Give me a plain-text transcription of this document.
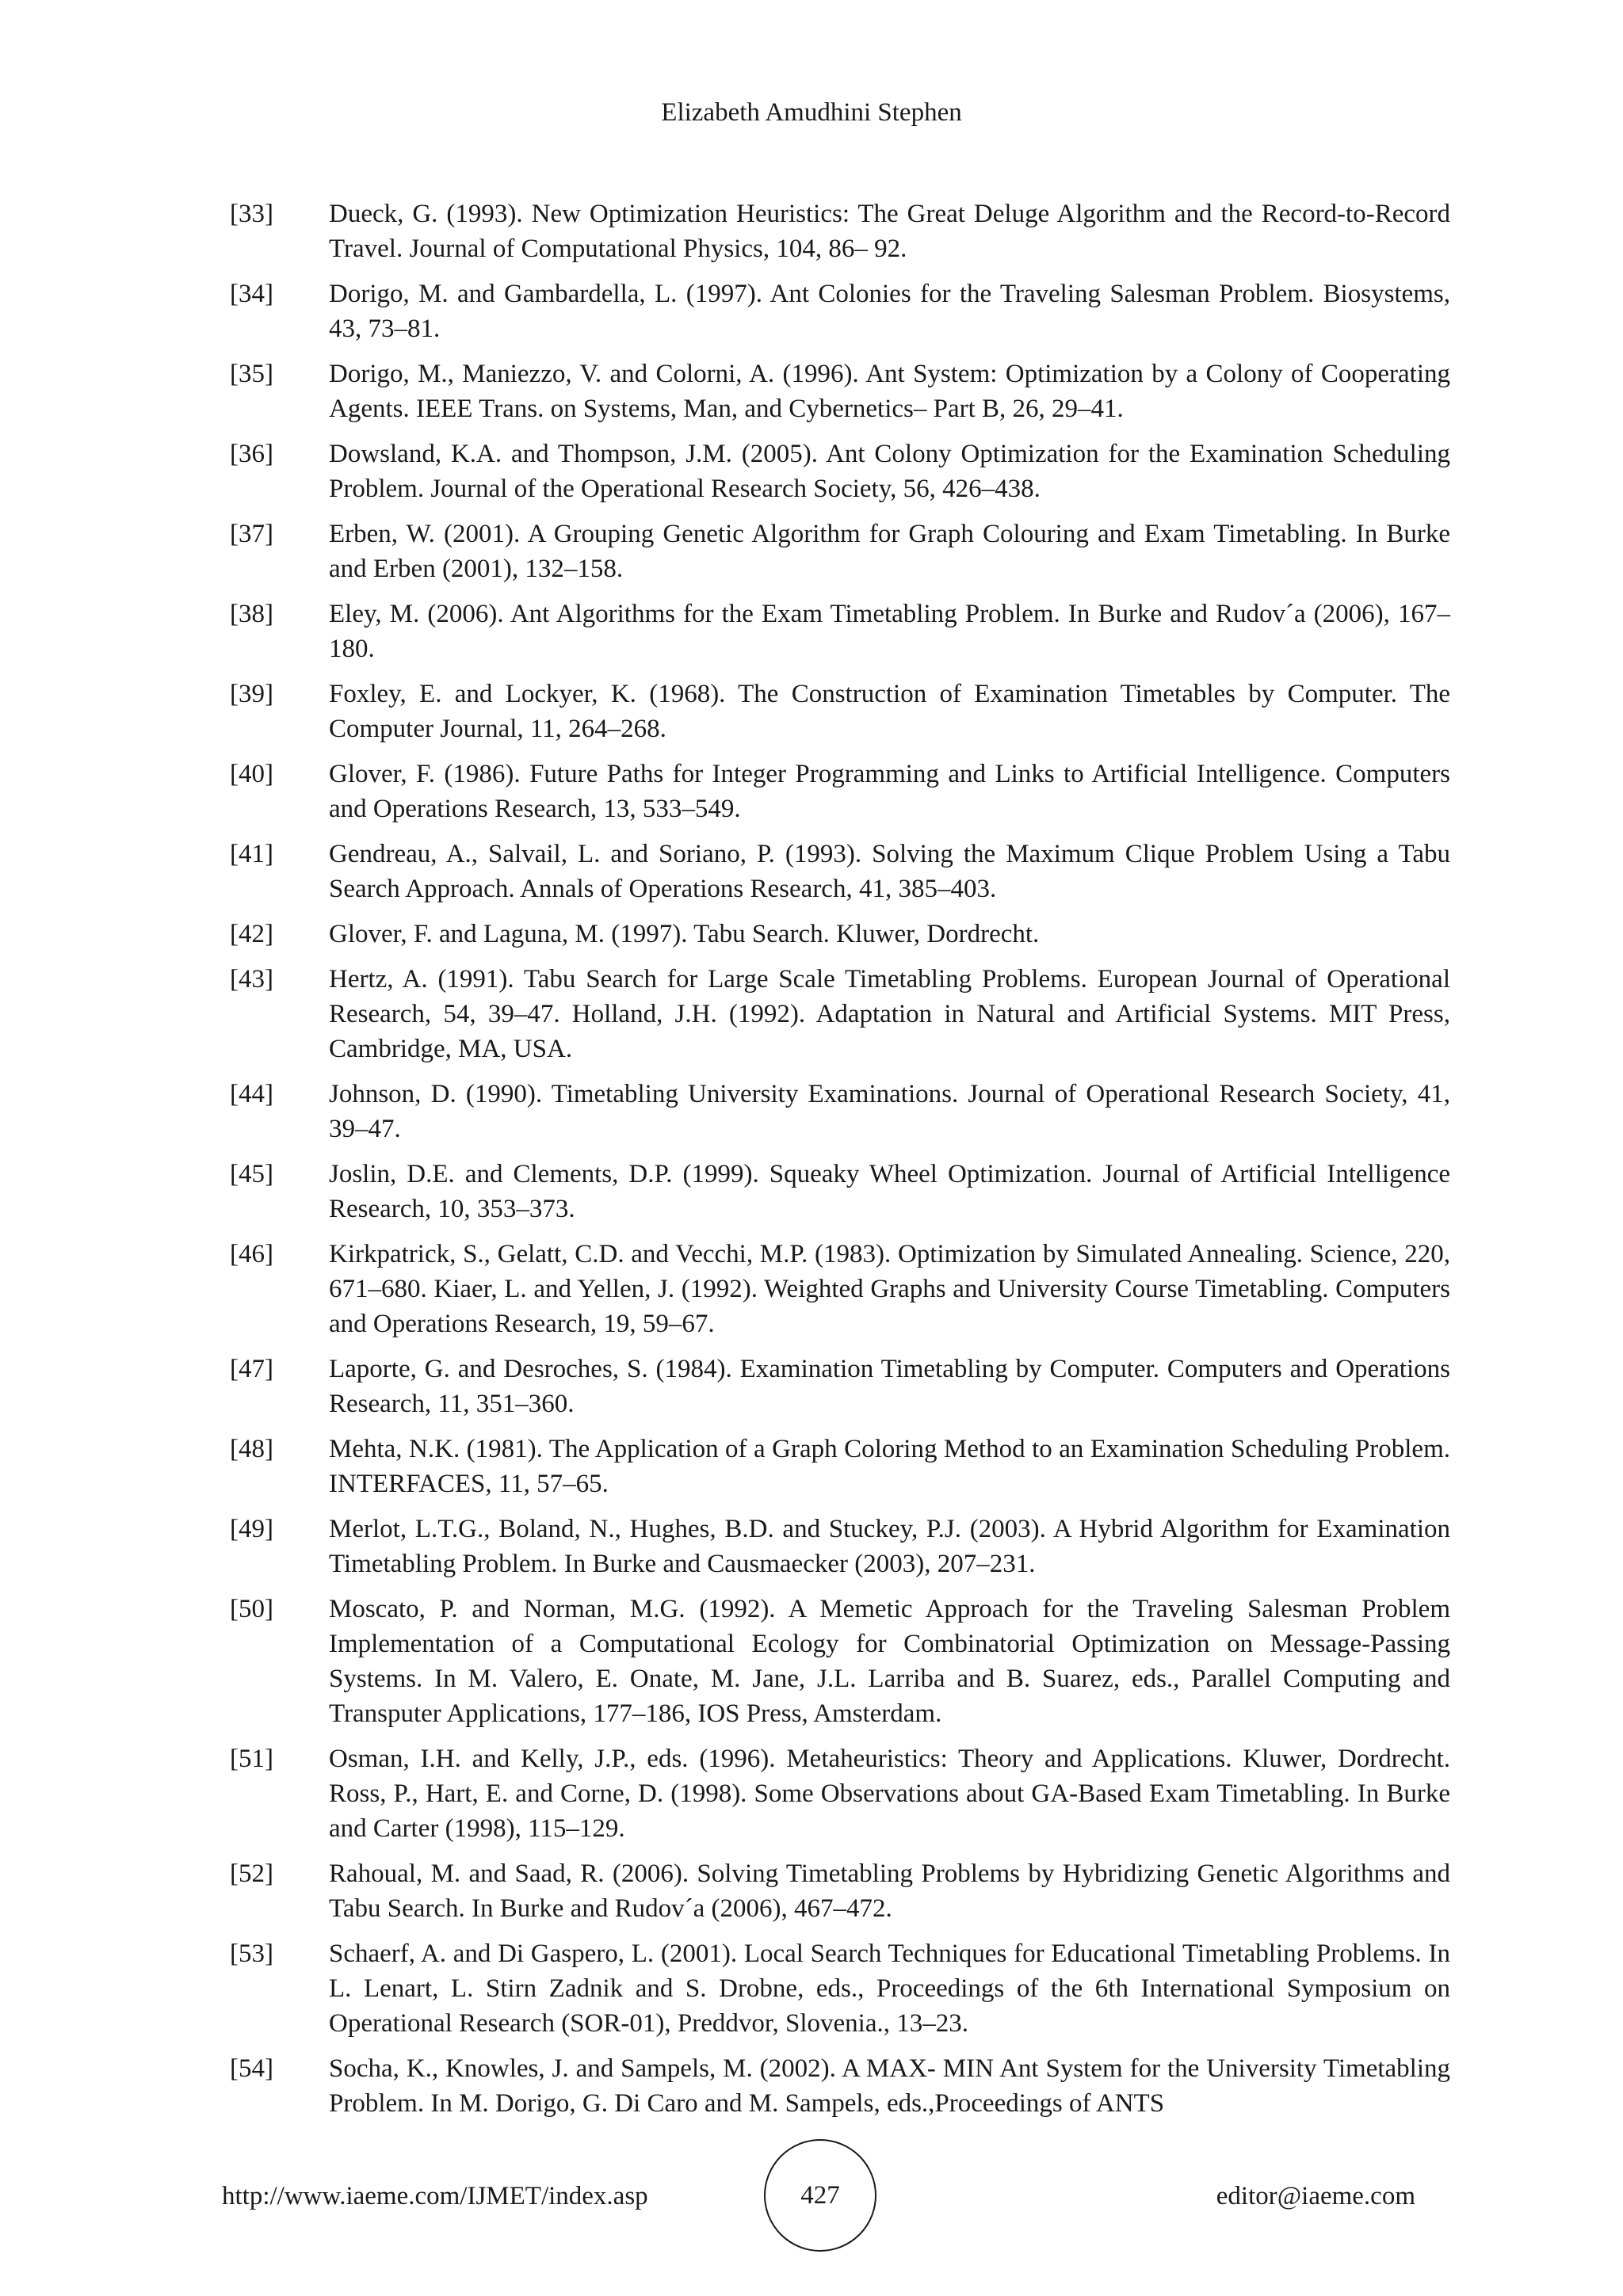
Elizabeth Amudhini Stephen
[33]	Dueck, G. (1993). New Optimization Heuristics: The Great Deluge Algorithm and the Record-to-Record Travel. Journal of Computational Physics, 104, 86– 92.
[34]	Dorigo, M. and Gambardella, L. (1997). Ant Colonies for the Traveling Salesman Problem. Biosystems, 43, 73–81.
[35]	Dorigo, M., Maniezzo, V. and Colorni, A. (1996). Ant System: Optimization by a Colony of Cooperating Agents. IEEE Trans. on Systems, Man, and Cybernetics– Part B, 26, 29–41.
[36]	Dowsland, K.A. and Thompson, J.M. (2005). Ant Colony Optimization for the Examination Scheduling Problem. Journal of the Operational Research Society, 56, 426–438.
[37]	Erben, W. (2001). A Grouping Genetic Algorithm for Graph Colouring and Exam Timetabling. In Burke and Erben (2001), 132–158.
[38]	Eley, M. (2006). Ant Algorithms for the Exam Timetabling Problem. In Burke and Rudov´a (2006), 167–180.
[39]	Foxley, E. and Lockyer, K. (1968). The Construction of Examination Timetables by Computer. The Computer Journal, 11, 264–268.
[40]	Glover, F. (1986). Future Paths for Integer Programming and Links to Artificial Intelligence. Computers and Operations Research, 13, 533–549.
[41]	Gendreau, A., Salvail, L. and Soriano, P. (1993). Solving the Maximum Clique Problem Using a Tabu Search Approach. Annals of Operations Research, 41, 385–403.
[42]	Glover, F. and Laguna, M. (1997). Tabu Search. Kluwer, Dordrecht.
[43]	Hertz, A. (1991). Tabu Search for Large Scale Timetabling Problems. European Journal of Operational Research, 54, 39–47. Holland, J.H. (1992). Adaptation in Natural and Artificial Systems. MIT Press, Cambridge, MA, USA.
[44]	Johnson, D. (1990). Timetabling University Examinations. Journal of Operational Research Society, 41, 39–47.
[45]	Joslin, D.E. and Clements, D.P. (1999). Squeaky Wheel Optimization. Journal of Artificial Intelligence Research, 10, 353–373.
[46]	Kirkpatrick, S., Gelatt, C.D. and Vecchi, M.P. (1983). Optimization by Simulated Annealing. Science, 220, 671–680. Kiaer, L. and Yellen, J. (1992). Weighted Graphs and University Course Timetabling. Computers and Operations Research, 19, 59–67.
[47]	Laporte, G. and Desroches, S. (1984). Examination Timetabling by Computer. Computers and Operations Research, 11, 351–360.
[48]	Mehta, N.K. (1981). The Application of a Graph Coloring Method to an Examination Scheduling Problem. INTERFACES, 11, 57–65.
[49]	Merlot, L.T.G., Boland, N., Hughes, B.D. and Stuckey, P.J. (2003). A Hybrid Algorithm for Examination Timetabling Problem. In Burke and Causmaecker (2003), 207–231.
[50]	Moscato, P. and Norman, M.G. (1992). A Memetic Approach for the Traveling Salesman Problem Implementation of a Computational Ecology for Combinatorial Optimization on Message-Passing Systems. In M. Valero, E. Onate, M. Jane, J.L. Larriba and B. Suarez, eds., Parallel Computing and Transputer Applications, 177–186, IOS Press, Amsterdam.
[51]	Osman, I.H. and Kelly, J.P., eds. (1996). Metaheuristics: Theory and Applications. Kluwer, Dordrecht. Ross, P., Hart, E. and Corne, D. (1998). Some Observations about GA-Based Exam Timetabling. In Burke and Carter (1998), 115–129.
[52]	Rahoual, M. and Saad, R. (2006). Solving Timetabling Problems by Hybridizing Genetic Algorithms and Tabu Search. In Burke and Rudov´a (2006), 467–472.
[53]	Schaerf, A. and Di Gaspero, L. (2001). Local Search Techniques for Educational Timetabling Problems. In L. Lenart, L. Stirn Zadnik and S. Drobne, eds., Proceedings of the 6th International Symposium on Operational Research (SOR-01), Preddvor, Slovenia., 13–23.
[54]	Socha, K., Knowles, J. and Sampels, M. (2002). A MAX- MIN Ant System for the University Timetabling Problem. In M. Dorigo, G. Di Caro and M. Sampels, eds.,Proceedings of ANTS
http://www.iaeme.com/IJMET/index.asp	427	editor@iaeme.com
